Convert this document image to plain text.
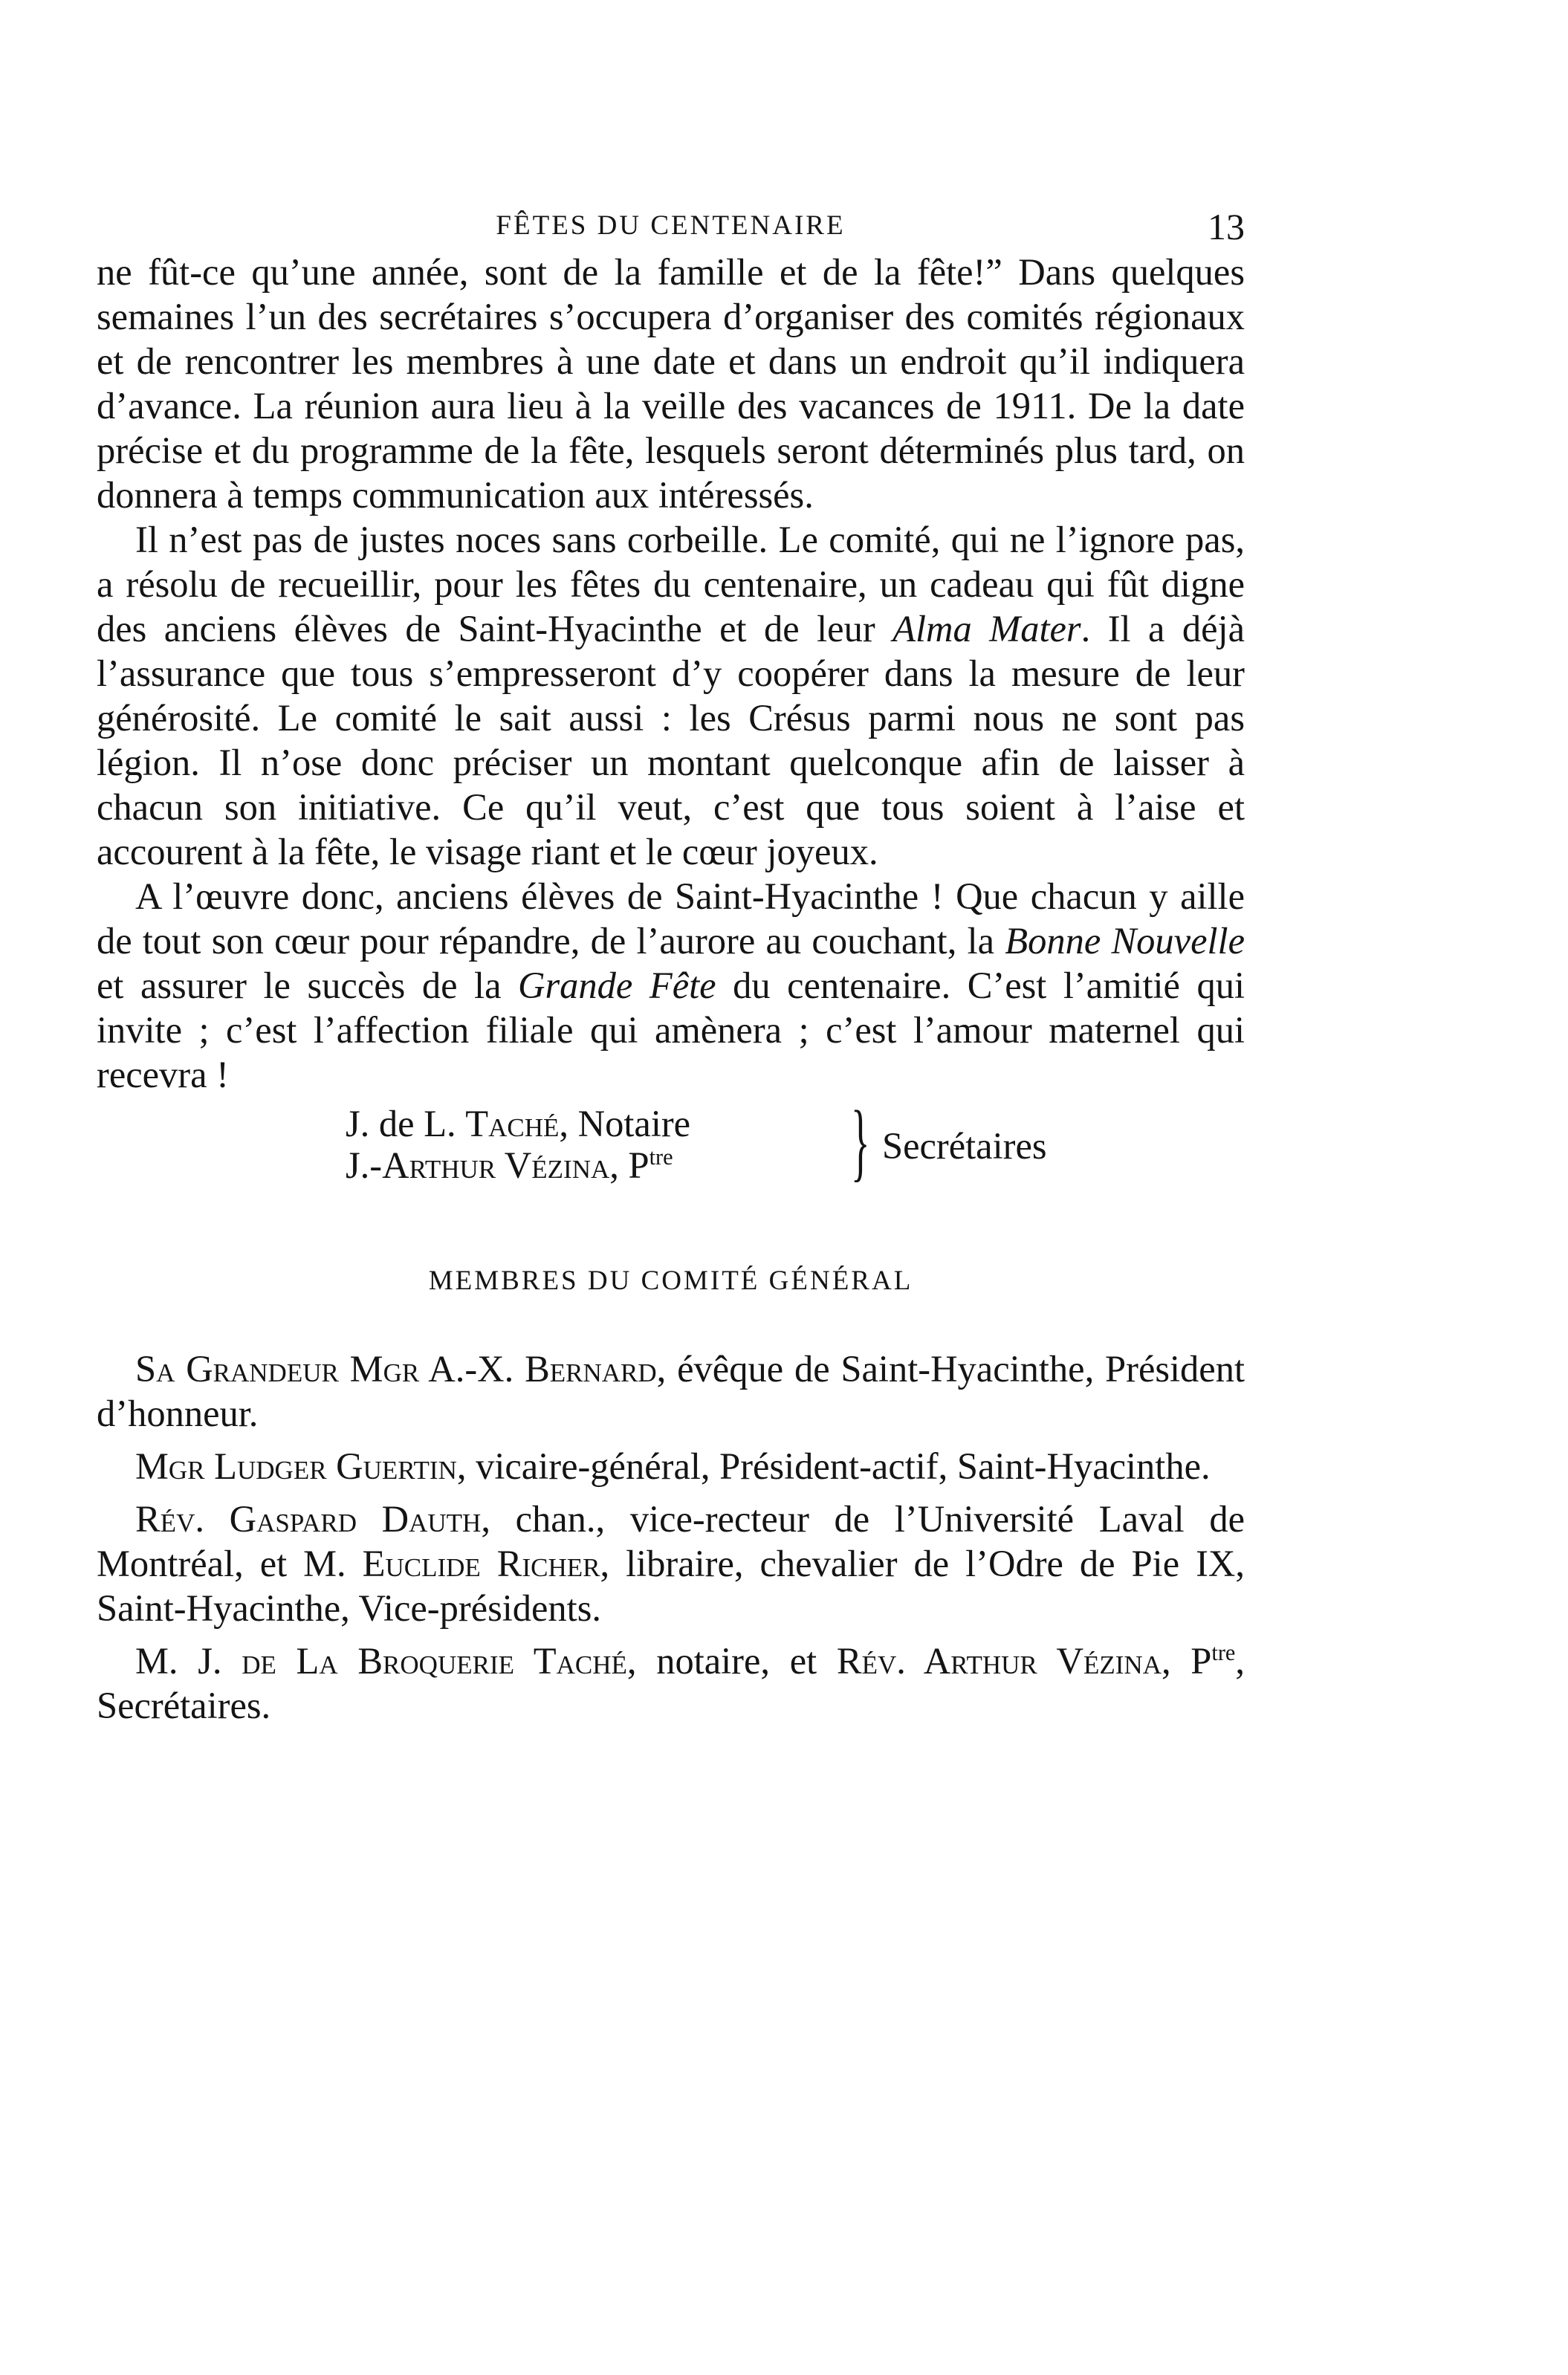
FÊTES DU CENTENAIRE	13

ne fût-ce qu’une année, sont de la famille et de la fête!” Dans quelques semaines l’un des secrétaires s’occupera d’organiser des comités régionaux et de rencontrer les membres à une date et dans un endroit qu’il indiquera d’avance. La réunion aura lieu à la veille des vacances de 1911. De la date précise et du programme de la fête, lesquels seront déterminés plus tard, on donnera à temps communication aux intéressés.

Il n’est pas de justes noces sans corbeille. Le comité, qui ne l’ignore pas, a résolu de recueillir, pour les fêtes du centenaire, un cadeau qui fût digne des anciens élèves de Saint-Hyacinthe et de leur Alma Mater. Il a déjà l’assurance que tous s’empresseront d’y coopérer dans la mesure de leur générosité. Le comité le sait aussi : les Crésus parmi nous ne sont pas légion. Il n’ose donc préciser un montant quelconque afin de laisser à chacun son initiative. Ce qu’il veut, c’est que tous soient à l’aise et accourent à la fête, le visage riant et le cœur joyeux.

A l’œuvre donc, anciens élèves de Saint-Hyacinthe ! Que chacun y aille de tout son cœur pour répandre, de l’aurore au couchant, la Bonne Nouvelle et assurer le succès de la Grande Fête du centenaire. C’est l’amitié qui invite ; c’est l’affection filiale qui amènera ; c’est l’amour maternel qui recevra !

J. de L. Taché, Notaire
J.-Arthur Vézina, $P^{tre}$ } Secrétaires
MEMBRES DU COMITÉ GÉNÉRAL

Sa Grandeur Mgr A.-X. Bernard, évêque de Saint-Hyacinthe, Président d’honneur.

Mgr Ludger Guertin, vicaire-général, Président-actif, Saint-Hyacinthe.

Rév. Gaspard Dauth, chan., vice-recteur de l’Université Laval de Montréal, et M. Euclide Richer, libraire, chevalier de l’Odre de Pie IX, Saint-Hyacinthe, Vice-présidents.

M. J. de La Broquerie Taché, notaire, et Rév. Arthur Vézina, $P^{tre}$, Secrétaires.
